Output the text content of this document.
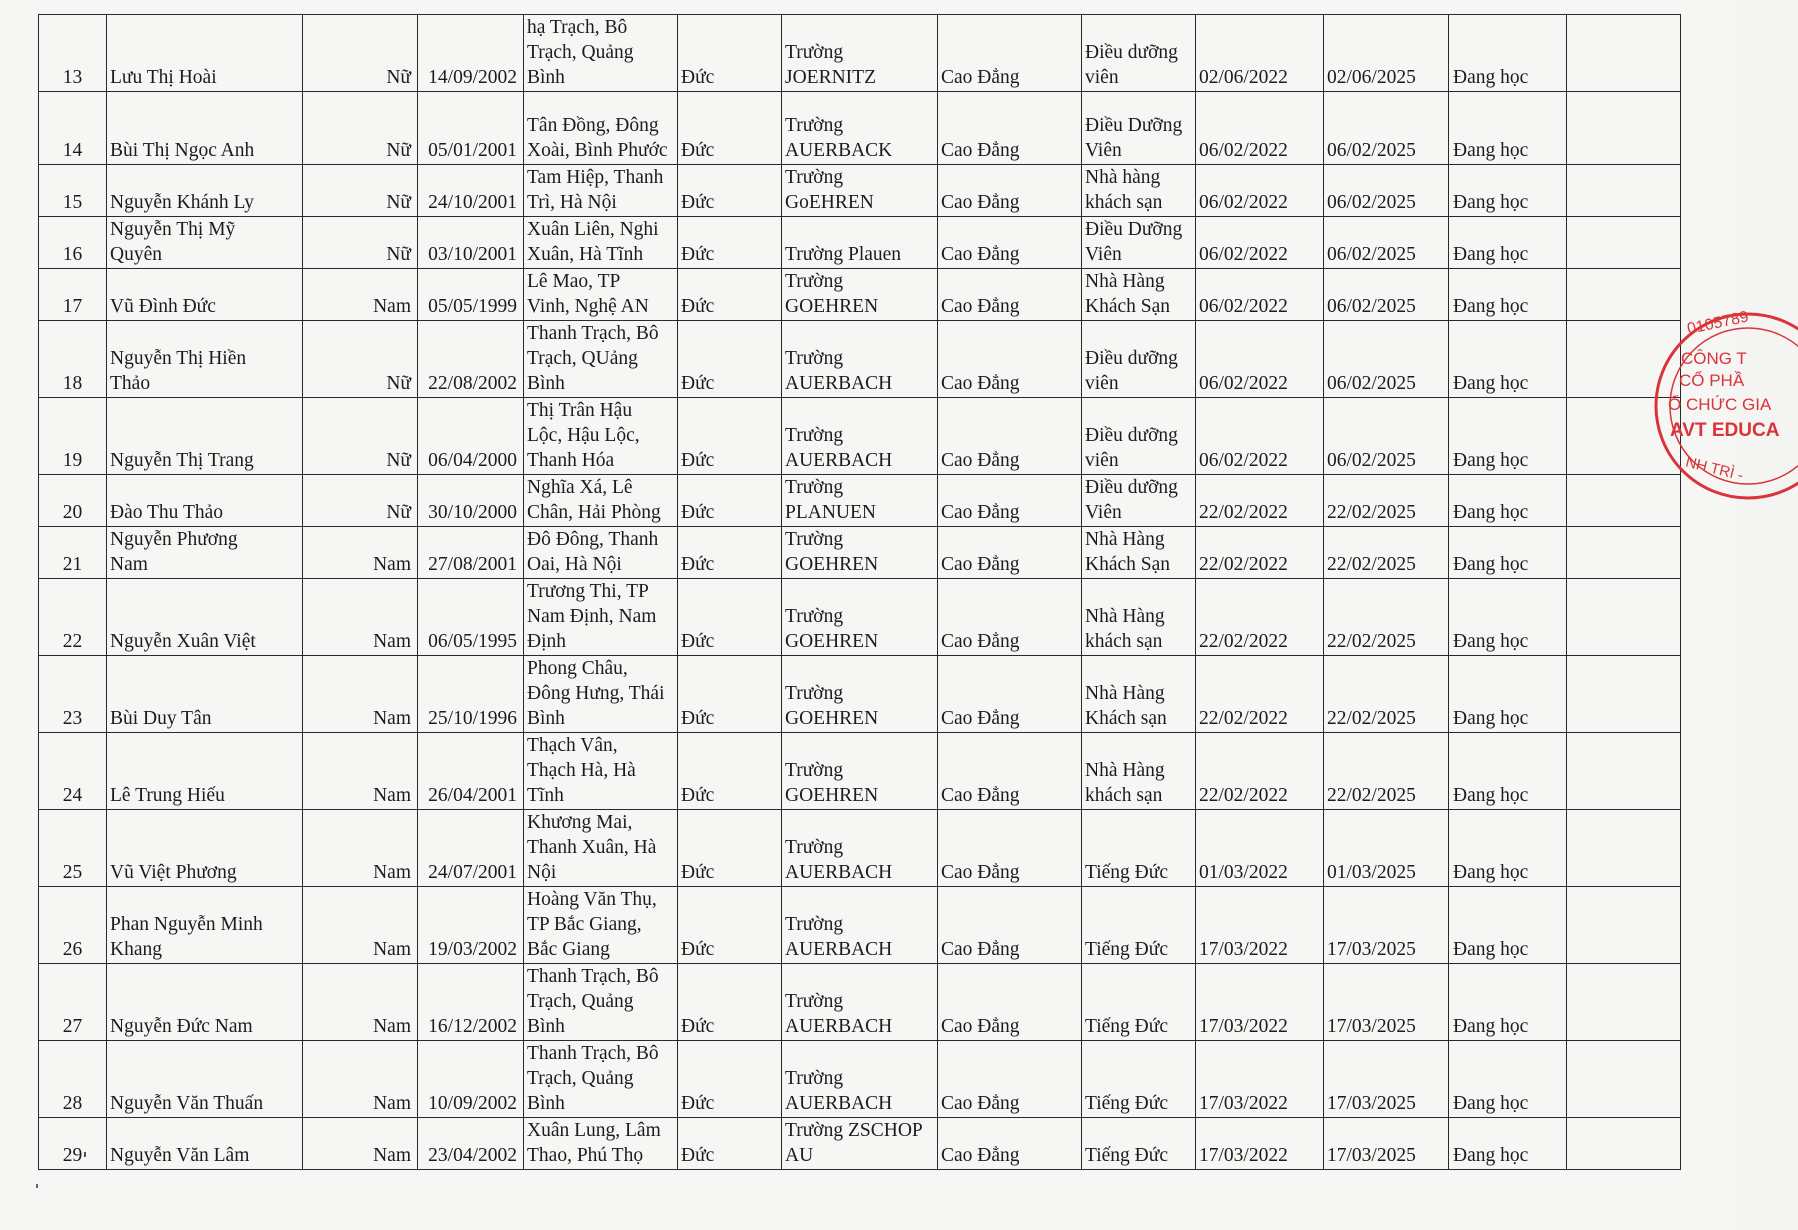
13	Lưu Thị Hoài	Nữ	14/09/2002	hạ Trạch, Bô
Trạch, Quảng
Bình	Đức	Trường
JOERNITZ	Cao Đẳng	Điều dưỡng
viên	02/06/2022	02/06/2025	Đang học	
14	Bùi Thị Ngọc Anh	Nữ	05/01/2001	Tân Đồng, Đông
Xoài, Bình Phước	Đức	Trường
AUERBACK	Cao Đẳng	Điều Dưỡng
Viên	06/02/2022	06/02/2025	Đang học	
15	Nguyễn Khánh Ly	Nữ	24/10/2001	Tam Hiệp, Thanh
Trì, Hà Nội	Đức	Trường
GoEHREN	Cao Đẳng	Nhà hàng
khách sạn	06/02/2022	06/02/2025	Đang học	
16	Nguyễn Thị Mỹ
Quyên	Nữ	03/10/2001	Xuân Liên, Nghi
Xuân, Hà Tĩnh	Đức	Trường Plauen	Cao Đẳng	Điều Dưỡng
Viên	06/02/2022	06/02/2025	Đang học	
17	Vũ Đình Đức	Nam	05/05/1999	Lê Mao, TP
Vinh, Nghệ AN	Đức	Trường
GOEHREN	Cao Đẳng	Nhà Hàng
Khách Sạn	06/02/2022	06/02/2025	Đang học	
18	Nguyễn Thị Hiền
Thảo	Nữ	22/08/2002	Thanh Trạch, Bô
Trạch, QUảng
Bình	Đức	Trường
AUERBACH	Cao Đẳng	Điều dưỡng
viên	06/02/2022	06/02/2025	Đang học	
19	Nguyễn Thị Trang	Nữ	06/04/2000	Thị Trân Hậu
Lộc, Hậu Lộc,
Thanh Hóa	Đức	Trường
AUERBACH	Cao Đẳng	Điều dưỡng
viên	06/02/2022	06/02/2025	Đang học	
20	Đào Thu Thảo	Nữ	30/10/2000	Nghĩa Xá, Lê
Chân, Hải Phòng	Đức	Trường
PLANUEN	Cao Đẳng	Điều dưỡng
Viên	22/02/2022	22/02/2025	Đang học	
21	Nguyễn Phương
Nam	Nam	27/08/2001	Đô Đông, Thanh
Oai, Hà Nội	Đức	Trường
GOEHREN	Cao Đẳng	Nhà Hàng
Khách Sạn	22/02/2022	22/02/2025	Đang học	
22	Nguyễn Xuân Việt	Nam	06/05/1995	Trương Thi, TP
Nam Định, Nam
Định	Đức	Trường
GOEHREN	Cao Đẳng	Nhà Hàng
khách sạn	22/02/2022	22/02/2025	Đang học	
23	Bùi Duy Tân	Nam	25/10/1996	Phong Châu,
Đông Hưng, Thái
Bình	Đức	Trường
GOEHREN	Cao Đẳng	Nhà Hàng
Khách sạn	22/02/2022	22/02/2025	Đang học	
24	Lê Trung Hiếu	Nam	26/04/2001	Thạch Vân,
Thạch Hà, Hà
Tĩnh	Đức	Trường
GOEHREN	Cao Đẳng	Nhà Hàng
khách sạn	22/02/2022	22/02/2025	Đang học	
25	Vũ Việt Phương	Nam	24/07/2001	Khương Mai,
Thanh Xuân, Hà
Nội	Đức	Trường
AUERBACH	Cao Đẳng	Tiếng Đức	01/03/2022	01/03/2025	Đang học	
26	Phan Nguyễn Minh
Khang	Nam	19/03/2002	Hoàng Văn Thụ,
TP Bắc Giang,
Bắc Giang	Đức	Trường
AUERBACH	Cao Đẳng	Tiếng Đức	17/03/2022	17/03/2025	Đang học	
27	Nguyễn Đức Nam	Nam	16/12/2002	Thanh Trạch, Bô
Trạch, Quảng
Bình	Đức	Trường
AUERBACH	Cao Đẳng	Tiếng Đức	17/03/2022	17/03/2025	Đang học	
28	Nguyễn Văn Thuấn	Nam	10/09/2002	Thanh Trạch, Bô
Trạch, Quảng
Bình	Đức	Trường
AUERBACH	Cao Đẳng	Tiếng Đức	17/03/2022	17/03/2025	Đang học	
29	Nguyễn Văn Lâm	Nam	23/04/2002	Xuân Lung, Lâm
Thao, Phú Thọ	Đức	Trường ZSCHOP
AU	Cao Đẳng	Tiếng Đức	17/03/2022	17/03/2025	Đang học	
0105789
CÔNG T
CỔ PHẦ
Ổ CHỨC GIA
AVT EDUCA
NH TRÌ -
